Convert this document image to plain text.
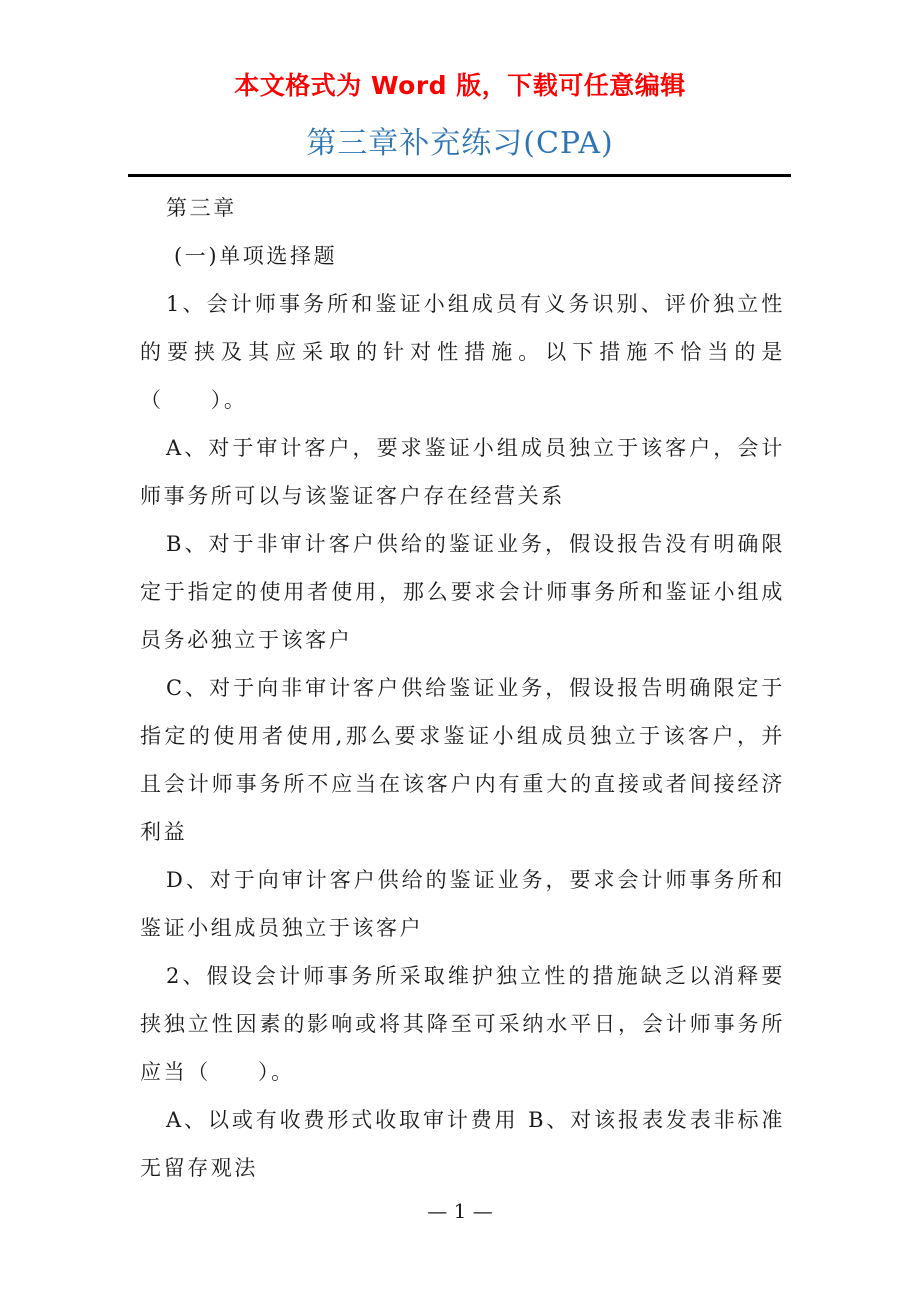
本文格式为 Word 版，下载可任意编辑
第三章补充练习(CPA)

第三章

(一)单项选择题

1、会计师事务所和鉴证小组成员有义务识别、评价独立性的要挟及其应采取的针对性措施。以下措施不恰当的是（　　）。

A、对于审计客户，要求鉴证小组成员独立于该客户，会计师事务所可以与该鉴证客户存在经营关系

B、对于非审计客户供给的鉴证业务，假设报告没有明确限定于指定的使用者使用，那么要求会计师事务所和鉴证小组成员务必独立于该客户

C、对于向非审计客户供给鉴证业务，假设报告明确限定于指定的使用者使用,那么要求鉴证小组成员独立于该客户，并且会计师事务所不应当在该客户内有重大的直接或者间接经济利益

D、对于向审计客户供给的鉴证业务，要求会计师事务所和鉴证小组成员独立于该客户

2、假设会计师事务所采取维护独立性的措施缺乏以消释要挟独立性因素的影响或将其降至可采纳水平日，会计师事务所应当（　　）。

A、以或有收费形式收取审计费用 B、对该报表发表非标准无留存观法

— 1 —
